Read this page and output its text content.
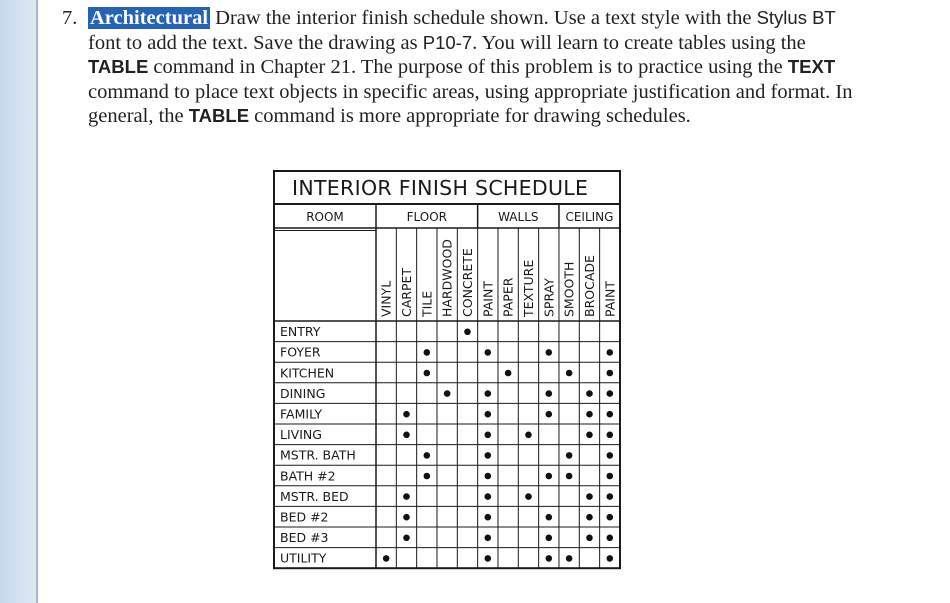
7. Architectural Draw the interior finish schedule shown. Use a text style with the Stylus BT font to add the text. Save the drawing as P10-7. You will learn to create tables using the TABLE command in Chapter 21. The purpose of this problem is to practice using the TEXT command to place text objects in specific areas, using appropriate justification and format. In general, the TABLE command is more appropriate for drawing schedules.
INTERIOR FINISH SCHEDULE
ROOM	FLOOR	WALLS CEILING
VINYL CARPET TILE HARDWOOD CONCRETE PAINT PAPER TEXTURE SPRAY SMOOTH BROCADE PAINT
ENTRY
FOYER
KITCHEN
DINING
FAMILY
LIVING
MSTR. BATH
BATH #2
MSTR. BED
BED #2
BED #3
UTILITY
